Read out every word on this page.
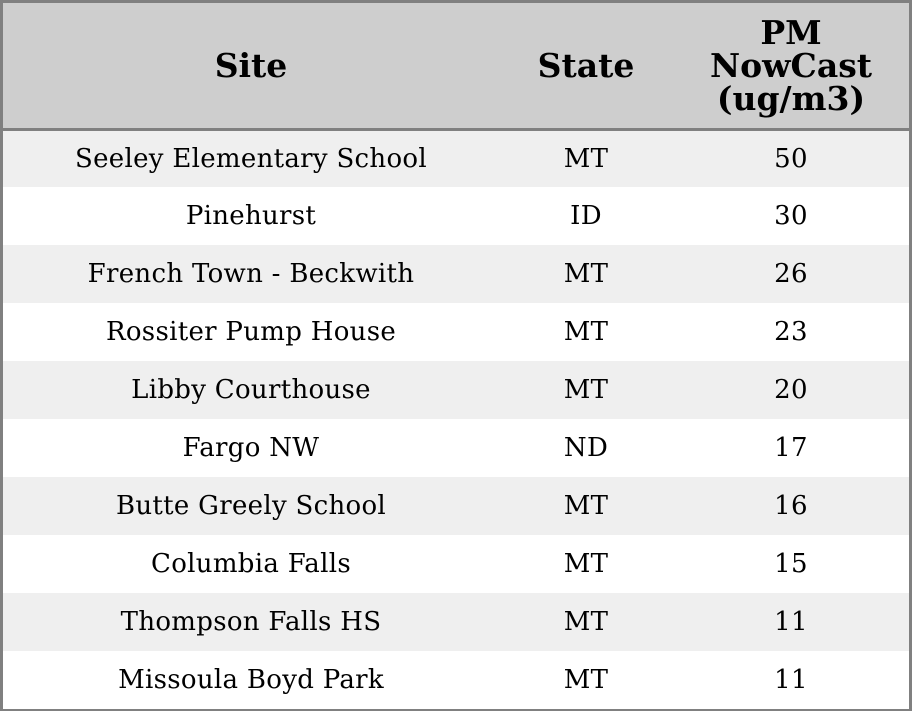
Site	State	PM
NowCast
(ug/m3)

Seeley Elementary School	MT	50
Pinehurst	ID	30
French Town - Beckwith	MT	26
Rossiter Pump House	MT	23
Libby Courthouse	MT	20
Fargo NW	ND	17
Butte Greely School	MT	16
Columbia Falls	MT	15
Thompson Falls HS	MT	11
Missoula Boyd Park	MT	11
